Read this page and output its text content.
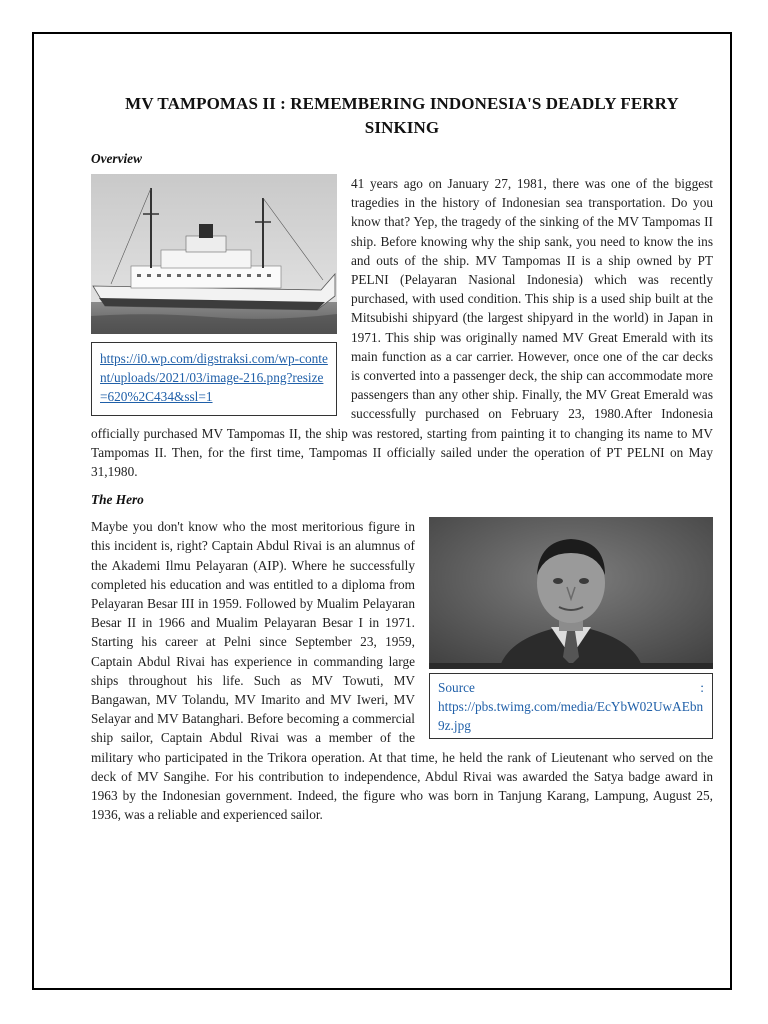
MV TAMPOMAS II : REMEMBERING INDONESIA'S DEADLY FERRY SINKING
Overview
https://i0.wp.com/digstraksi.com/wp-content/uploads/2021/03/image-216.png?resize=620%2C434&ssl=1

41 years ago on January 27, 1981, there was one of the biggest tragedies in the history of Indonesian sea transportation. Do you know that? Yep, the tragedy of the sinking of the MV Tampomas II ship. Before knowing why the ship sank, you need to know the ins and outs of the ship. MV Tampomas II is a ship owned by PT PELNI (Pelayaran Nasional Indonesia) which was recently purchased, with used condition. This ship is a used ship built at the Mitsubishi shipyard (the largest shipyard in the world) in Japan in 1971. This ship was originally named MV Great Emerald with its main function as a car carrier. However, once one of the car decks is converted into a passenger deck, the ship can accommodate more passengers than any other ship. Finally, the MV Great Emerald was successfully purchased on February 23, 1980.After Indonesia officially purchased MV Tampomas II, the ship was restored, starting from painting it to changing its name to MV Tampomas II. Then, for the first time, Tampomas II officially sailed under the operation of PT PELNI on May 31,1980.

The Hero
Source	:
https://pbs.twimg.com/media/EcYbW02UwAEbn9z.jpg

Maybe you don't know who the most meritorious figure in this incident is, right? Captain Abdul Rivai is an alumnus of the Akademi Ilmu Pelayaran (AIP). Where he successfully completed his education and was entitled to a diploma from Pelayaran Besar III in 1959. Followed by Mualim Pelayaran Besar II in 1966 and Mualim Pelayaran Besar I in 1971. Starting his career at Pelni since September 23, 1959, Captain Abdul Rivai has experience in commanding large ships throughout his life. Such as MV Towuti, MV Bangawan, MV Tolandu, MV Imarito and MV Iweri, MV Selayar and MV Batanghari. Before becoming a commercial ship sailor, Captain Abdul Rivai was a member of the military who participated in the Trikora operation. At that time, he held the rank of Lieutenant who served on the deck of MV Sangihe. For his contribution to independence, Abdul Rivai was awarded the Satya badge award in 1963 by the Indonesian government. Indeed, the figure who was born in Tanjung Karang, Lampung, August 25, 1936, was a reliable and experienced sailor.
